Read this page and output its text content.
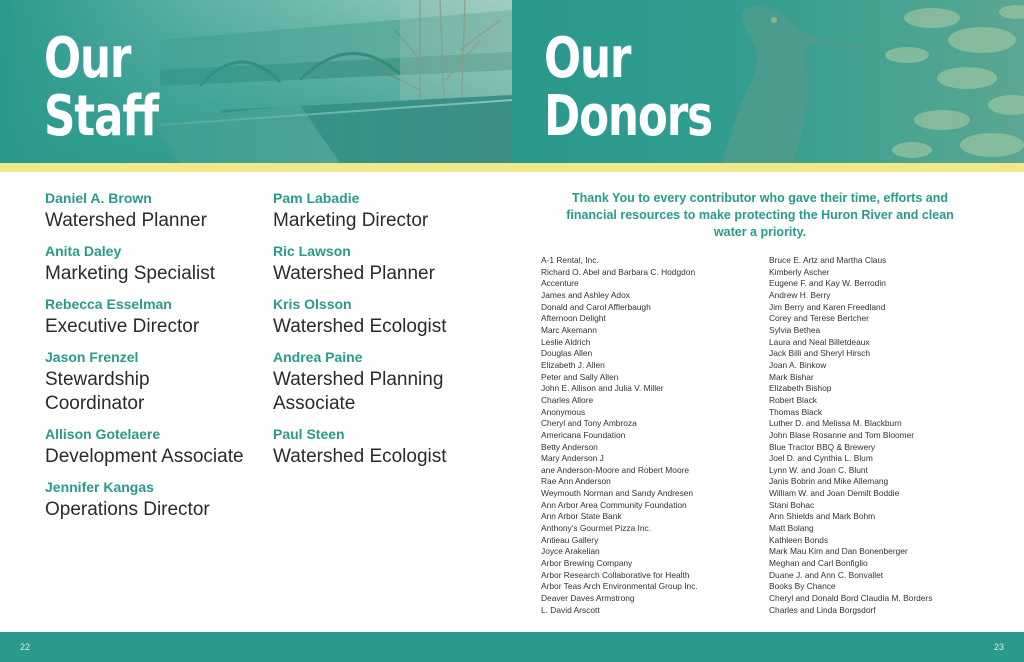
Our
Staff
Our
Donors
Daniel A. Brown
Watershed Planner
Anita Daley
Marketing Specialist
Rebecca Esselman
Executive Director
Jason Frenzel
Stewardship Coordinator
Allison Gotelaere
Development Associate
Jennifer Kangas
Operations Director
Pam Labadie
Marketing Director
Ric Lawson
Watershed Planner
Kris Olsson
Watershed Ecologist
Andrea Paine
Watershed Planning Associate
Paul Steen
Watershed Ecologist

Thank You to every contributor who gave their time, efforts and financial resources to make protecting the Huron River and clean water a priority.

A-1 Rental, Inc.
Richard O. Abel and Barbara C. Hodgdon
Accenture
James and Ashley Adox
Donald and Carol Afflerbaugh
Afternoon Delight
Marc Akemann
Leslie Aldrich
Douglas Allen
Elizabeth J. Allen
Peter and Sally Allen
John E. Allison and Julia V. Miller
Charles Allore
Anonymous
Cheryl and Tony Ambroza
Americana Foundation
Betty Anderson
Mary Anderson J
ane Anderson-Moore and Robert Moore
Rae Ann Anderson
Weymouth Norman and Sandy Andresen
Ann Arbor Area Community Foundation
Ann Arbor State Bank
Anthony's Gourmet Pizza Inc.
Antieau Gallery
Joyce Arakelian
Arbor Brewing Company
Arbor Research Collaborative for Health
Arbor Teas Arch Environmental Group Inc.
Deaver Daves Armstrong
L. David Arscott
Bruce E. Artz and Martha Claus
Kimberly Ascher
Eugene F. and Kay W. Berrodin
Andrew H. Berry
Jim Berry and Karen Freedland
Corey and Terese Bertcher
Sylvia Bethea
Laura and Neal Billetdeaux
Jack Billi and Sheryl Hirsch
Joan A. Binkow
Mark Bishar
Elizabeth Bishop
Robert Black
Thomas Black
Luther D. and Melissa M. Blackburn
John Blase Rosanne and Tom Bloomer
Blue Tractor BBQ & Brewery
Joel D. and Cynthia L. Blum
Lynn W. and Joan C. Blunt
Janis Bobrin and Mike Allemang
William W. and Joan Demilt Boddie
Stani Bohac
Ann Shields and Mark Bohm
Matt Bolang
Kathleen Bonds
Mark Mau Kim and Dan Bonenberger
Meghan and Carl Bonfiglio
Duane J. and Ann C. Bonvallet
Books By Chance
Cheryl and Donald Bord Claudia M. Borders
Charles and Linda Borgsdorf
22	23
